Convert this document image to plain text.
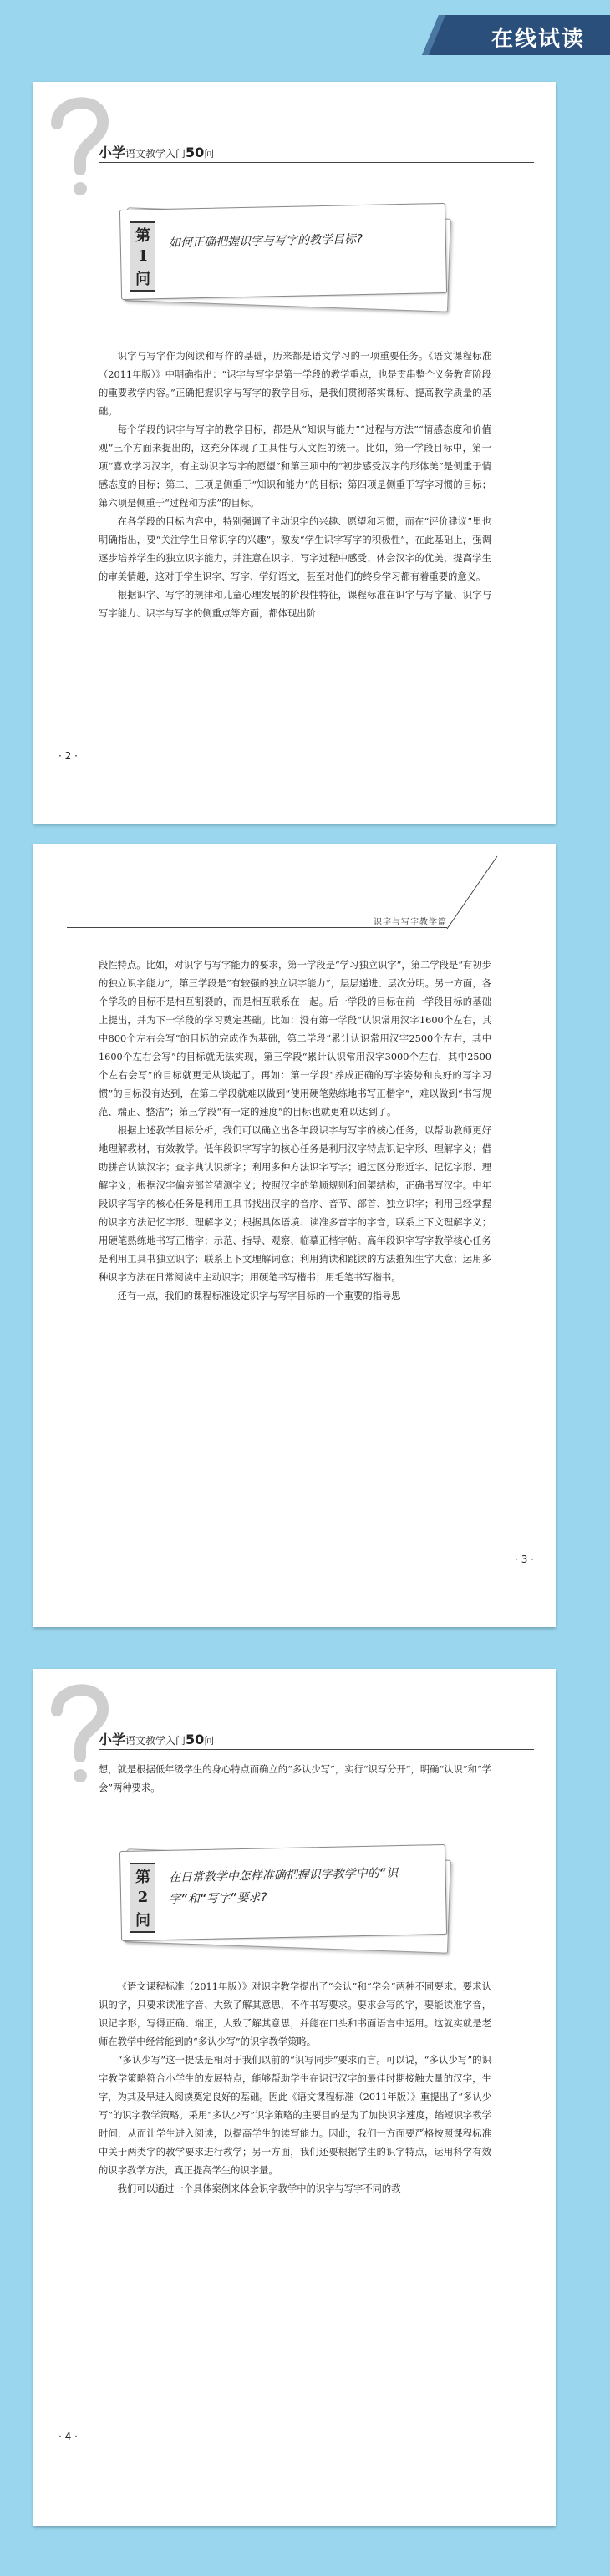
在线试读
小学语文教学入门50问
第
1
问
如何正确把握识字与写字的教学目标?

识字与写字作为阅读和写作的基础，历来都是语文学习的一项重要任务。《语文课程标准（2011年版）》中明确指出：“识字与写字是第一学段的教学重点，也是贯串整个义务教育阶段的重要教学内容。”正确把握识字与写字的教学目标，是我们贯彻落实课标、提高教学质量的基础。

每个学段的识字与写字的教学目标，都是从“知识与能力”“过程与方法”“情感态度和价值观”三个方面来提出的，这充分体现了工具性与人文性的统一。比如，第一学段目标中，第一项“喜欢学习汉字，有主动识字写字的愿望”和第三项中的“初步感受汉字的形体美”是侧重于情感态度的目标；第二、三项是侧重于“知识和能力”的目标；第四项是侧重于写字习惯的目标；第六项是侧重于“过程和方法”的目标。

在各学段的目标内容中，特别强调了主动识字的兴趣、愿望和习惯，而在“评价建议”里也明确指出，要“关注学生日常识字的兴趣”。激发“学生识字写字的积极性”，在此基础上，强调逐步培养学生的独立识字能力，并注意在识字、写字过程中感受、体会汉字的优美，提高学生的审美情趣，这对于学生识字、写字、学好语文，甚至对他们的终身学习都有着重要的意义。

根据识字、写字的规律和儿童心理发展的阶段性特征，课程标准在识字与写字量、识字与写字能力、识字与写字的侧重点等方面，都体现出阶

· 2 ·
识字与写字教学篇

段性特点。比如，对识字与写字能力的要求，第一学段是“学习独立识字”，第二学段是“有初步的独立识字能力”，第三学段是“有较强的独立识字能力”，层层递进、层次分明。另一方面，各个学段的目标不是相互割裂的，而是相互联系在一起。后一学段的目标在前一学段目标的基础上提出，并为下一学段的学习奠定基础。比如：没有第一学段“认识常用汉字1600个左右，其中800个左右会写”的目标的完成作为基础，第二学段“累计认识常用汉字2500个左右，其中1600个左右会写”的目标就无法实现，第三学段“累计认识常用汉字3000个左右，其中2500个左右会写”的目标就更无从谈起了。再如：第一学段“养成正确的写字姿势和良好的写字习惯”的目标没有达到，在第二学段就难以做到“使用硬笔熟练地书写正楷字”，难以做到“书写规范、端正、整洁”；第三学段“有一定的速度”的目标也就更难以达到了。

根据上述教学目标分析，我们可以确立出各年段识字与写字的核心任务，以帮助教师更好地理解教材，有效教学。低年段识字写字的核心任务是利用汉字特点识记字形、理解字义；借助拼音认读汉字；查字典认识新字；利用多种方法识字写字；通过区分形近字、记忆字形、理解字义；根据汉字偏旁部首猜测字义；按照汉字的笔顺规则和间架结构，正确书写汉字。中年段识字写字的核心任务是利用工具书找出汉字的音序、音节、部首、独立识字；利用已经掌握的识字方法记忆字形、理解字义；根据具体语境、读准多音字的字音，联系上下文理解字义；用硬笔熟练地书写正楷字；示范、指导、观察、临摹正楷字帖。高年段识字写字教学核心任务是利用工具书独立识字；联系上下文理解词意；利用猜读和跳读的方法推知生字大意；运用多种识字方法在日常阅读中主动识字；用硬笔书写楷书；用毛笔书写楷书。

还有一点，我们的课程标准设定识字与写字目标的一个重要的指导思

· 3 ·
小学语文教学入门50问

想，就是根据低年级学生的身心特点而确立的“多认少写”，实行“识写分开”，明确“认识”和“学会”两种要求。

第
2
问
在日常教学中怎样准确把握识字教学中的“识字”和“写字”要求?

《语文课程标准（2011年版）》对识字教学提出了“会认”和“学会”两种不同要求。要求认识的字，只要求读准字音、大致了解其意思，不作书写要求。要求会写的字，要能读准字音，识记字形，写得正确、端正，大致了解其意思，并能在口头和书面语言中运用。这就实就是老师在教学中经常能到的“多认少写”的识字教学策略。

“多认少写”这一提法是相对于我们以前的“识写同步”要求而言。可以说，“多认少写”的识字教学策略符合小学生的发展特点，能够帮助学生在识记汉字的最佳时期接触大量的汉字，生字，为其及早进入阅读奠定良好的基础。因此《语文课程标准（2011年版）》重提出了“多认少写”的识字教学策略。采用“多认少写”识字策略的主要目的是为了加快识字速度，缩短识字教学时间，从而让学生进入阅读，以提高学生的读写能力。因此，我们一方面要严格按照课程标准中关于两类字的教学要求进行教学；另一方面，我们还要根据学生的识字特点，运用科学有效的识字教学方法，真正提高学生的识字量。

我们可以通过一个具体案例来体会识字教学中的识字与写字不同的教

· 4 ·
